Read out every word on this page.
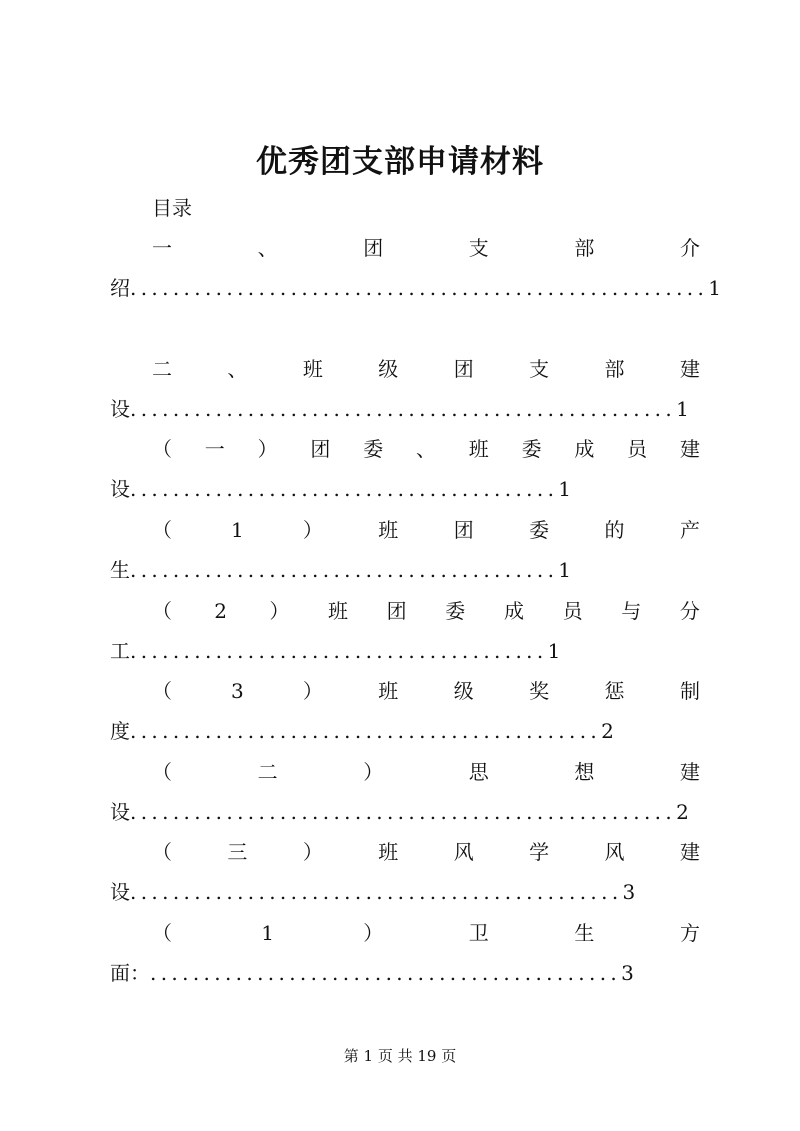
优秀团支部申请材料
目录
一	、	团	支	部	介
绍......................................................1
二	、	班	级	团	支	部	建
设...................................................1
（ 一 ） 团 委 、 班 委 成 员 建
设........................................1
（	1	）	班	团	委	的	产
生........................................1
（ 2 ） 班 团 委 成 员 与 分
工.......................................1
（	3	）	班	级	奖	惩	制
度............................................2
（	二	）	思	想	建
设...................................................2
（	三	）	班	风	学	风	建
设..............................................3
（	1	）	卫	生	方
面：............................................3
第 1 页 共 19 页
